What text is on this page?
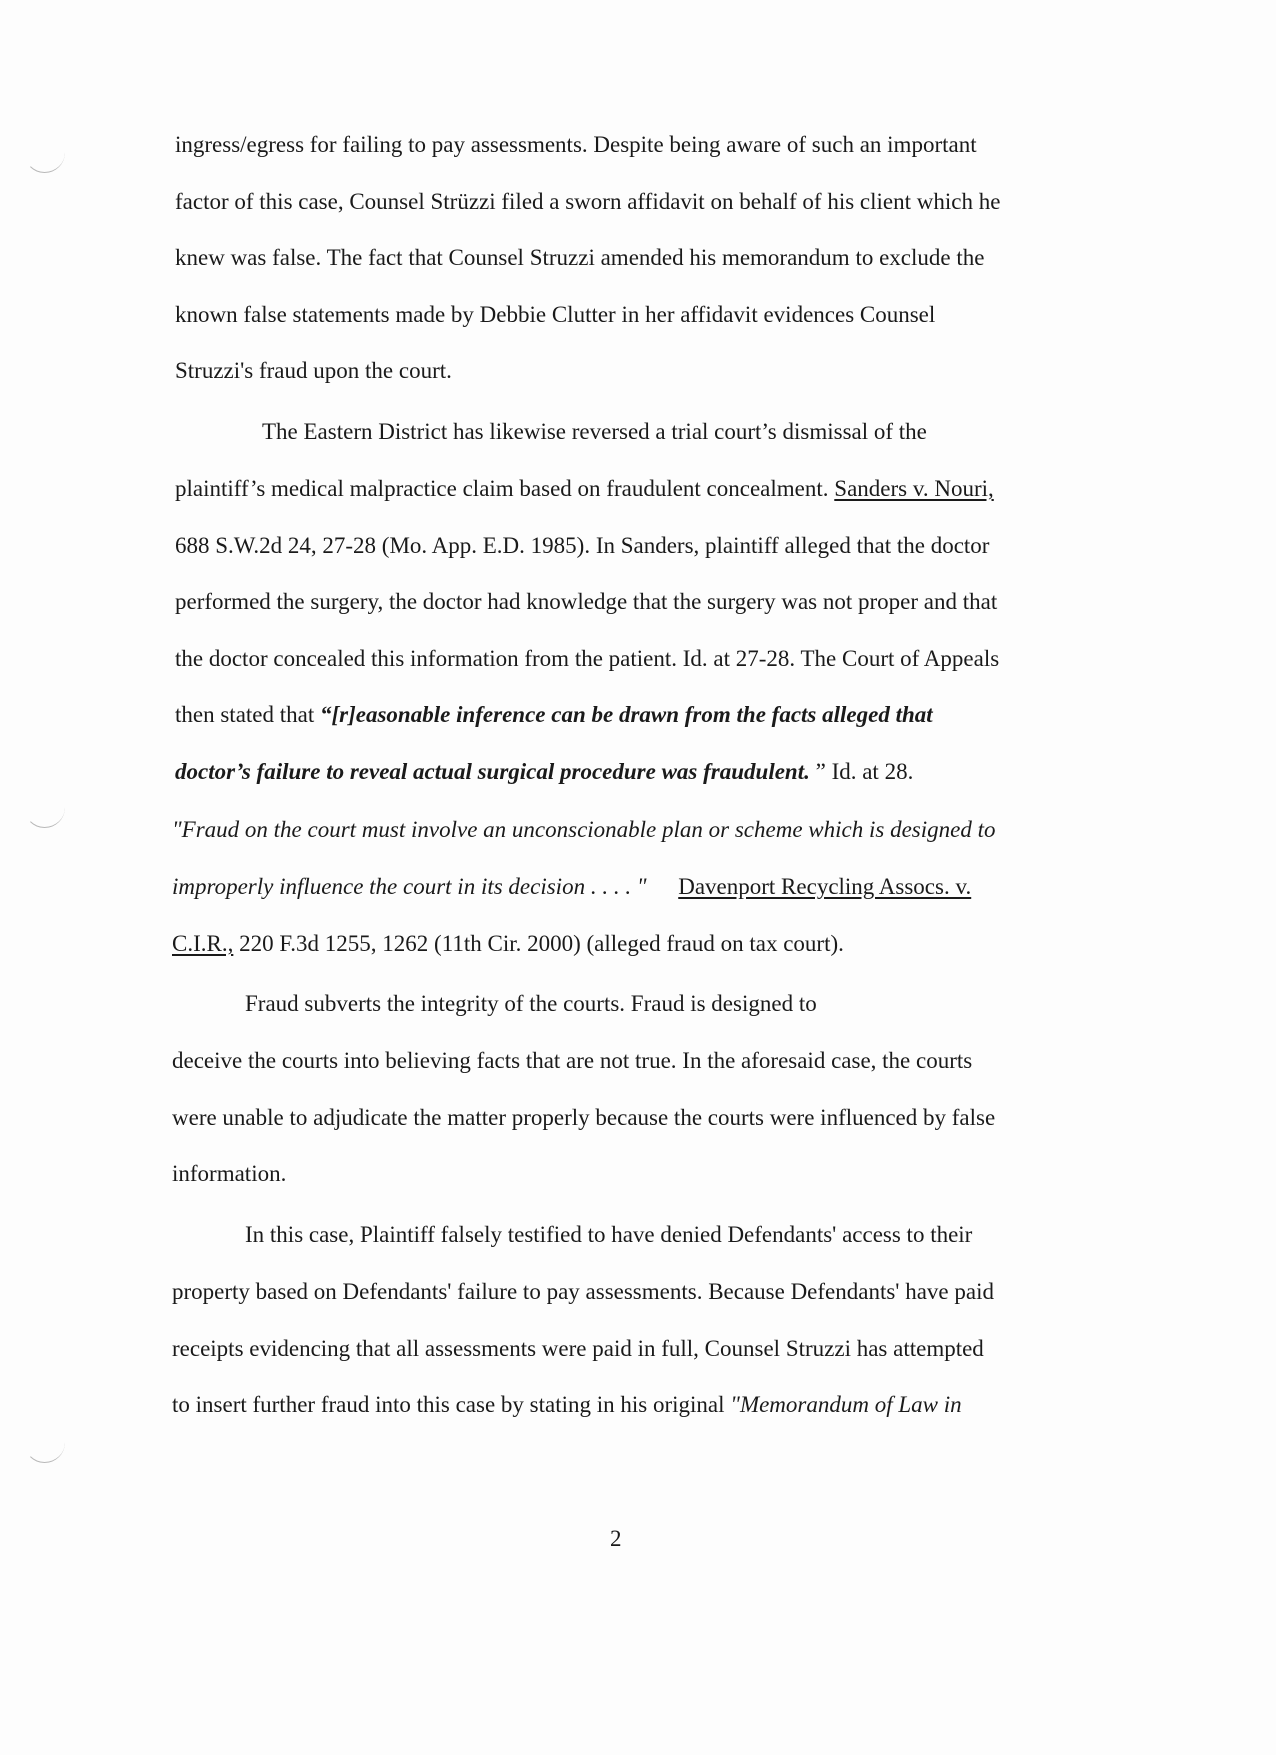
ingress/egress for failing to pay assessments. Despite being aware of such an important
factor of this case, Counsel Strüzzi filed a sworn affidavit on behalf of his client which he
knew was false. The fact that Counsel Struzzi amended his memorandum to exclude the
known false statements made by Debbie Clutter in her affidavit evidences Counsel
Struzzi's fraud upon the court.
The Eastern District has likewise reversed a trial court’s dismissal of the
plaintiff’s medical malpractice claim based on fraudulent concealment. Sanders v. Nouri,
688 S.W.2d 24, 27-28 (Mo. App. E.D. 1985). In Sanders, plaintiff alleged that the doctor
performed the surgery, the doctor had knowledge that the surgery was not proper and that
the doctor concealed this information from the patient. Id. at 27-28. The Court of Appeals
then stated that “[r]easonable inference can be drawn from the facts alleged that
doctor’s failure to reveal actual surgical procedure was fraudulent. ” Id. at 28.
"Fraud on the court must involve an unconscionable plan or scheme which is designed to
improperly influence the court in its decision . . . . " Davenport Recycling Assocs. v.
C.I.R., 220 F.3d 1255, 1262 (11th Cir. 2000) (alleged fraud on tax court).
Fraud subverts the integrity of the courts. Fraud is designed to
deceive the courts into believing facts that are not true. In the aforesaid case, the courts
were unable to adjudicate the matter properly because the courts were influenced by false
information.
In this case, Plaintiff falsely testified to have denied Defendants' access to their
property based on Defendants' failure to pay assessments. Because Defendants' have paid
receipts evidencing that all assessments were paid in full, Counsel Struzzi has attempted
to insert further fraud into this case by stating in his original "Memorandum of Law in
2
